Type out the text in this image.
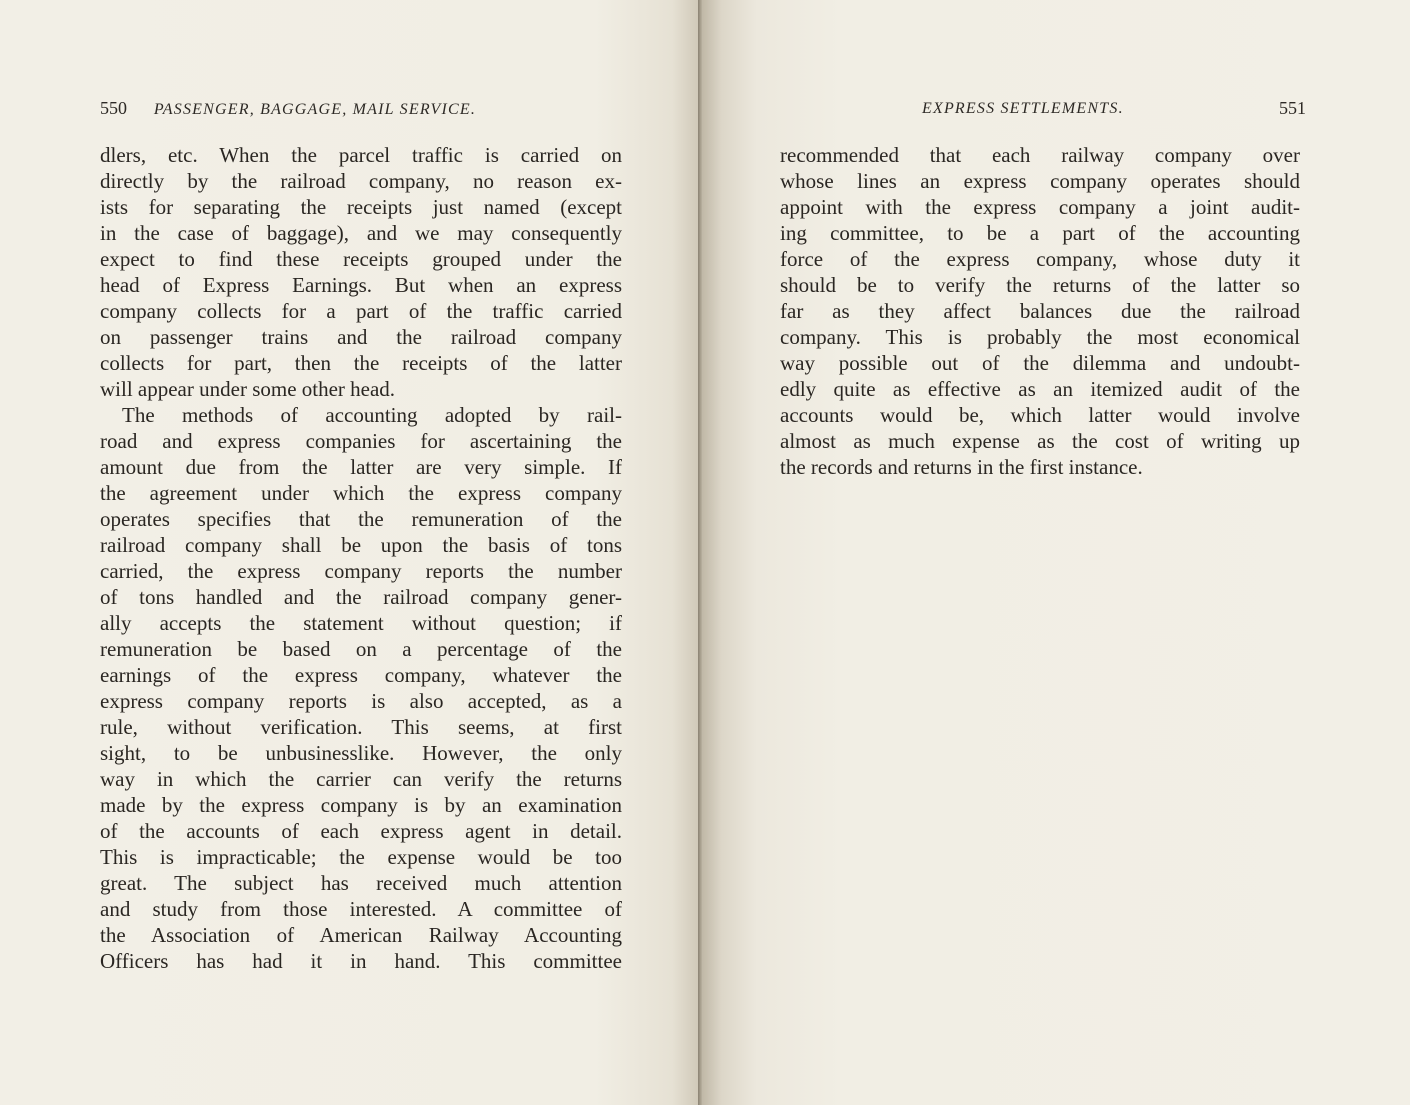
550 PASSENGER, BAGGAGE, MAIL SERVICE.
dlers, etc. When the parcel traffic is carried on
directly by the railroad company, no reason ex-
ists for separating the receipts just named (except
in the case of baggage), and we may consequently
expect to find these receipts grouped under the
head of Express Earnings. But when an express
company collects for a part of the traffic carried
on passenger trains and the railroad company
collects for part, then the receipts of the latter
will appear under some other head.
The methods of accounting adopted by rail-
road and express companies for ascertaining the
amount due from the latter are very simple. If
the agreement under which the express company
operates specifies that the remuneration of the
railroad company shall be upon the basis of tons
carried, the express company reports the number
of tons handled and the railroad company gener-
ally accepts the statement without question; if
remuneration be based on a percentage of the
earnings of the express company, whatever the
express company reports is also accepted, as a
rule, without verification. This seems, at first
sight, to be unbusinesslike. However, the only
way in which the carrier can verify the returns
made by the express company is by an examination
of the accounts of each express agent in detail.
This is impracticable; the expense would be too
great. The subject has received much attention
and study from those interested. A committee of
the Association of American Railway Accounting
Officers has had it in hand. This committee
EXPRESS SETTLEMENTS.	551
recommended that each railway company over
whose lines an express company operates should
appoint with the express company a joint audit-
ing committee, to be a part of the accounting
force of the express company, whose duty it
should be to verify the returns of the latter so
far as they affect balances due the railroad
company. This is probably the most economical
way possible out of the dilemma and undoubt-
edly quite as effective as an itemized audit of the
accounts would be, which latter would involve
almost as much expense as the cost of writing up
the records and returns in the first instance.
